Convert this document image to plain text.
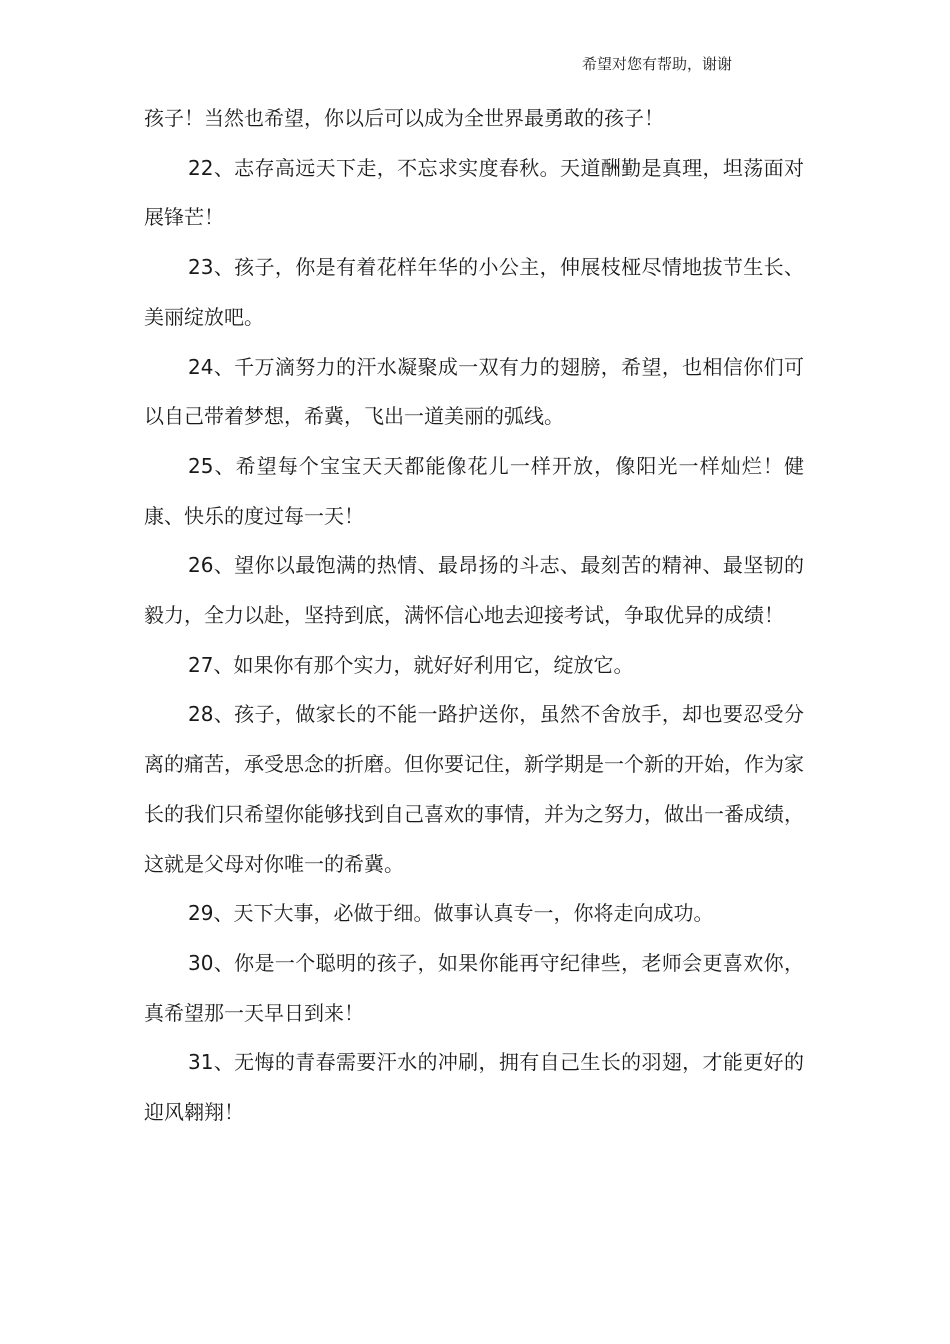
希望对您有帮助，谢谢

孩子！当然也希望，你以后可以成为全世界最勇敢的孩子！

22、志存高远天下走，不忘求实度春秋。天道酬勤是真理，坦荡面对展锋芒！

23、孩子，你是有着花样年华的小公主，伸展枝桠尽情地拔节生长、美丽绽放吧。

24、千万滴努力的汗水凝聚成一双有力的翅膀，希望，也相信你们可以自己带着梦想，希冀，飞出一道美丽的弧线。

25、希望每个宝宝天天都能像花儿一样开放，像阳光一样灿烂！健康、快乐的度过每一天！

26、望你以最饱满的热情、最昂扬的斗志、最刻苦的精神、最坚韧的毅力，全力以赴，坚持到底，满怀信心地去迎接考试，争取优异的成绩！

27、如果你有那个实力，就好好利用它，绽放它。

28、孩子，做家长的不能一路护送你，虽然不舍放手，却也要忍受分离的痛苦，承受思念的折磨。但你要记住，新学期是一个新的开始，作为家长的我们只希望你能够找到自己喜欢的事情，并为之努力，做出一番成绩，这就是父母对你唯一的希冀。

29、天下大事，必做于细。做事认真专一，你将走向成功。

30、你是一个聪明的孩子，如果你能再守纪律些，老师会更喜欢你，真希望那一天早日到来！

31、无悔的青春需要汗水的冲刷，拥有自己生长的羽翅，才能更好的迎风翱翔！
